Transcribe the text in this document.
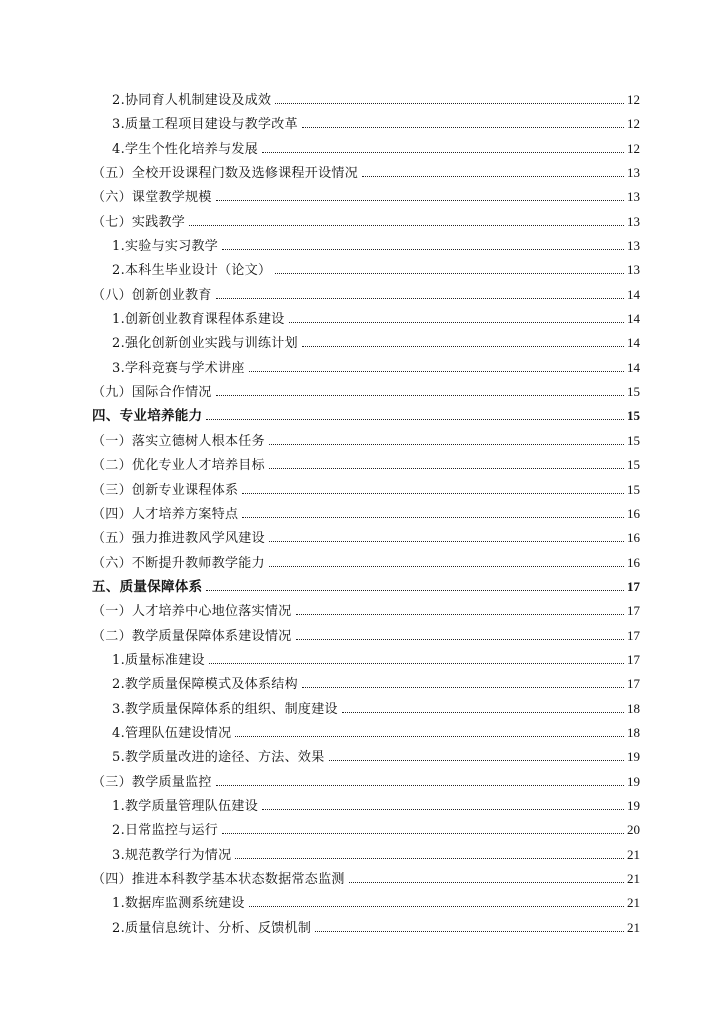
2.协同育人机制建设及成效	12
3.质量工程项目建设与教学改革	12
4.学生个性化培养与发展	12
（五）全校开设课程门数及选修课程开设情况	13
（六）课堂教学规模	13
（七）实践教学	13
1.实验与实习教学	13
2.本科生毕业设计（论文）	13
（八）创新创业教育	14
1.创新创业教育课程体系建设	14
2.强化创新创业实践与训练计划	14
3.学科竞赛与学术讲座	14
（九）国际合作情况	15
四、专业培养能力	15
（一）落实立德树人根本任务	15
（二）优化专业人才培养目标	15
（三）创新专业课程体系	15
（四）人才培养方案特点	16
（五）强力推进教风学风建设	16
（六）不断提升教师教学能力	16
五、质量保障体系	17
（一）人才培养中心地位落实情况	17
（二）教学质量保障体系建设情况	17
1.质量标准建设	17
2.教学质量保障模式及体系结构	17
3.教学质量保障体系的组织、制度建设	18
4.管理队伍建设情况	18
5.教学质量改进的途径、方法、效果	19
（三）教学质量监控	19
1.教学质量管理队伍建设	19
2.日常监控与运行	20
3.规范教学行为情况	21
（四）推进本科教学基本状态数据常态监测	21
1.数据库监测系统建设	21
2.质量信息统计、分析、反馈机制	21
